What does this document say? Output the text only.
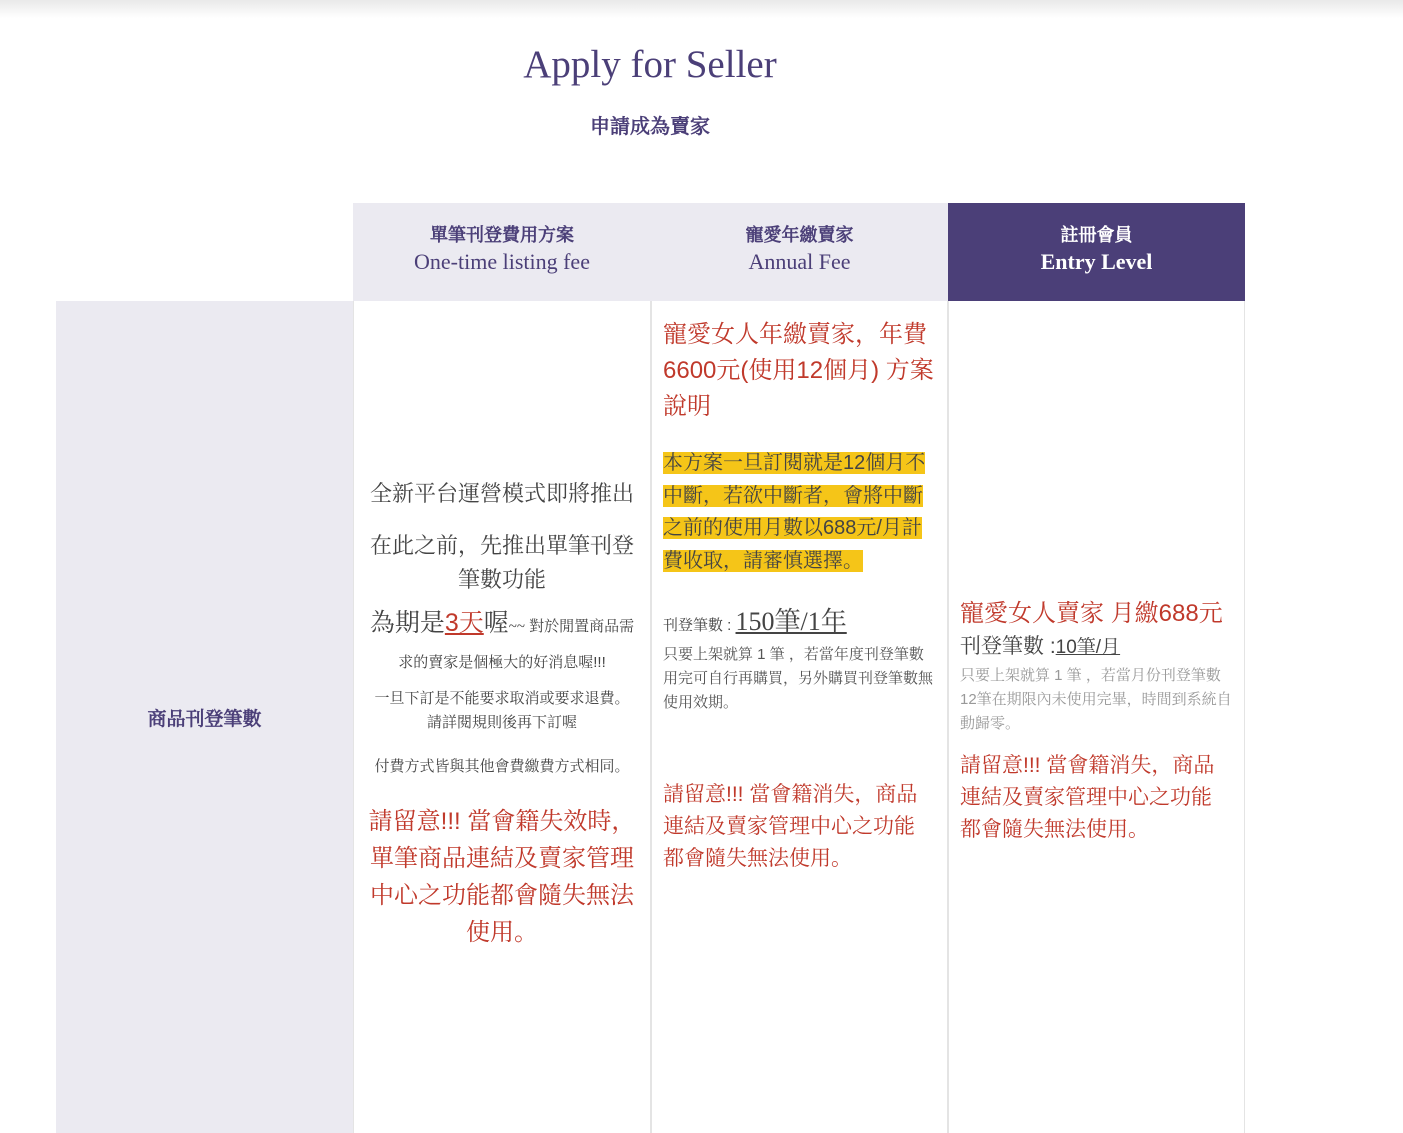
Apply for Seller
申請成為賣家
單筆刊登費用方案
One-time listing fee
寵愛年繳賣家
Annual Fee
註冊會員
Entry Level
商品刊登筆數

全新平台運營模式即將推出

在此之前，先推出單筆刊登筆數功能

為期是3天喔~~ 對於閒置商品需求的賣家是個極大的好消息喔!!!

一旦下訂是不能要求取消或要求退費。請詳閱規則後再下訂喔

付費方式皆與其他會費繳費方式相同。

請留意!!! 當會籍失效時，單筆商品連結及賣家管理中心之功能都會隨失無法使用。

寵愛女人年繳賣家，年費6600元(使用12個月) 方案說明

本方案一旦訂閱就是12個月不中斷，若欲中斷者，會將中斷之前的使用月數以688元/月計費收取，請審慎選擇。

刊登筆數 : 150筆/1年

只要上架就算 1 筆 ，若當年度刊登筆數用完可自行再購買，另外購買刊登筆數無使用效期。

請留意!!! 當會籍消失，商品連結及賣家管理中心之功能都會隨失無法使用。

寵愛女人賣家 月繳688元

刊登筆數 :10筆/月

只要上架就算 1 筆 ，若當月份刊登筆數12筆在期限內未使用完畢，時間到系統自動歸零。

請留意!!! 當會籍消失，商品連結及賣家管理中心之功能都會隨失無法使用。
